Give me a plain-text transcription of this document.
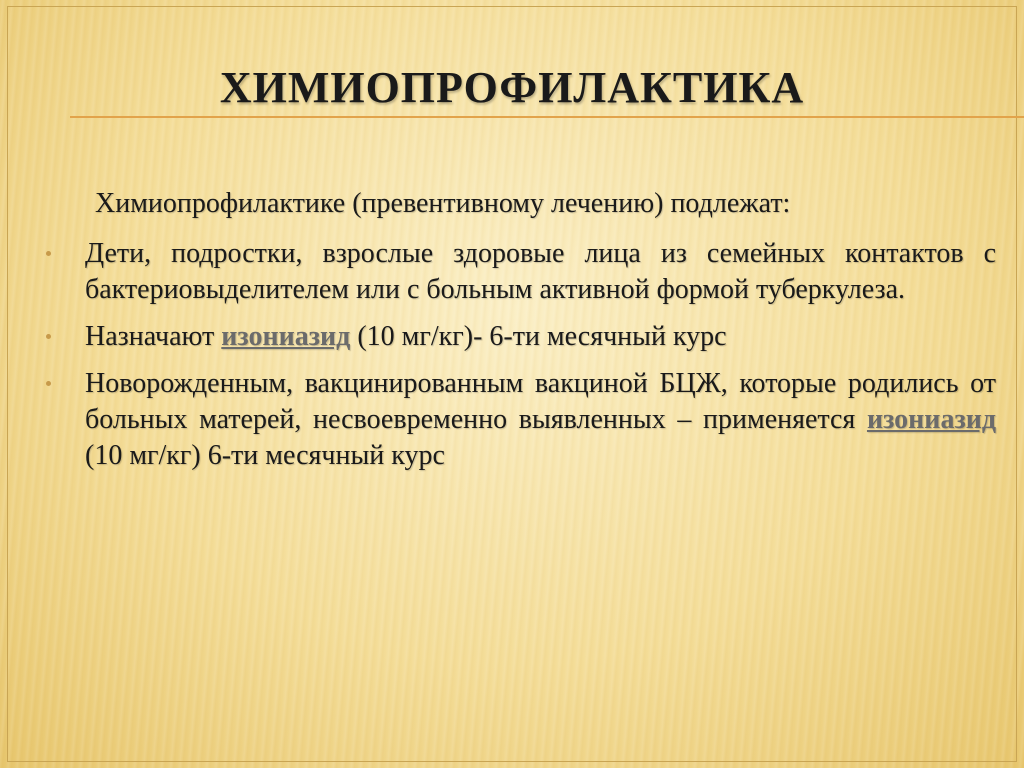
ХИМИОПРОФИЛАКТИКА
Химиопрофилактике (превентивному лечению) подлежат:
Дети, подростки, взрослые здоровые лица из семейных контактов с бактериовыделителем или с больным активной формой туберкулеза.
Назначают изониазид (10 мг/кг)- 6-ти месячный курс
Новорожденным, вакцинированным вакциной БЦЖ, которые родились от больных матерей, несвоевременно выявленных – применяется изониазид (10 мг/кг) 6-ти месячный курс
